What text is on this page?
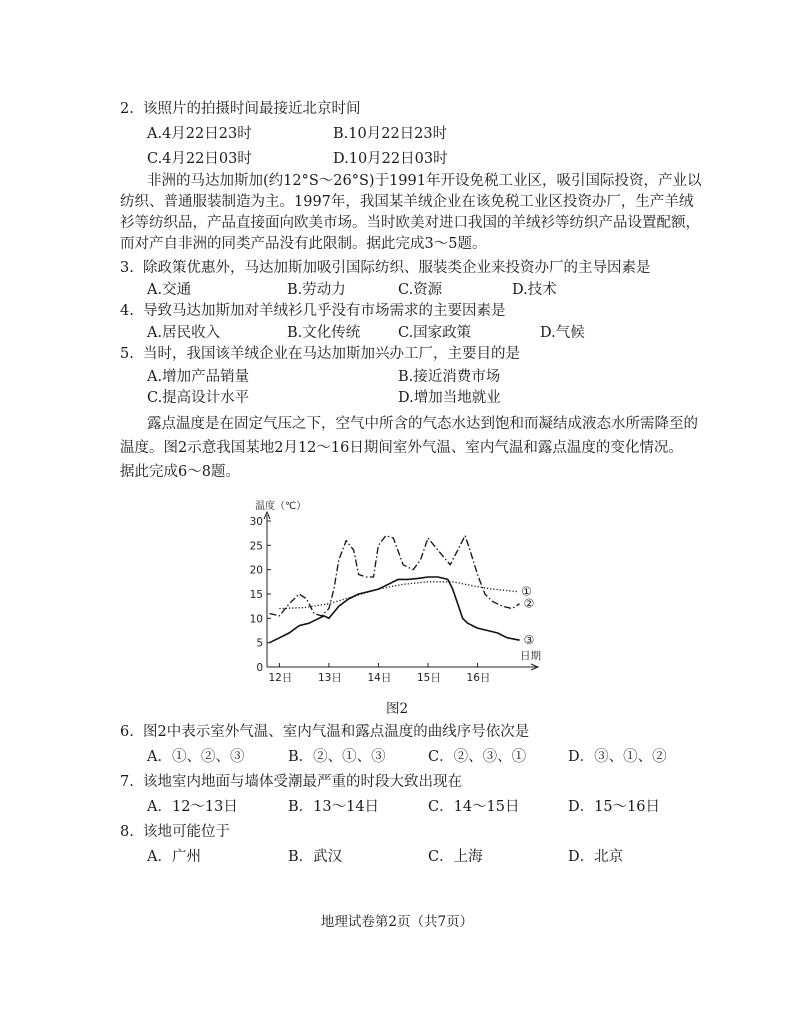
2.  该照片的拍摄时间最接近北京时间
A.4月22日23时	B.10月22日23时
C.4月22日03时	D.10月22日03时
非洲的马达加斯加(约12°S～26°S)于1991年开设免税工业区，吸引国际投资，产业以
纺织、普通服装制造为主。1997年，我国某羊绒企业在该免税工业区投资办厂，生产羊绒
衫等纺织品，产品直接面向欧美市场。当时欧美对进口我国的羊绒衫等纺织产品设置配额，
而对产自非洲的同类产品没有此限制。据此完成3～5题。
3.  除政策优惠外，马达加斯加吸引国际纺织、服装类企业来投资办厂的主导因素是
A.交通	B.劳动力	C.资源	D.技术
4.  导致马达加斯加对羊绒衫几乎没有市场需求的主要因素是
A.居民收入	B.文化传统	C.国家政策	D.气候
5.  当时，我国该羊绒企业在马达加斯加兴办工厂，主要目的是
A.增加产品销量	B.接近消费市场
C.提高设计水平	D.增加当地就业
露点温度是在固定气压之下，空气中所含的气态水达到饱和而凝结成液态水所需降至的
温度。图2示意我国某地2月12～16日期间室外气温、室内气温和露点温度的变化情况。
据此完成6～8题。
温度（℃）
0
5
10
15
20
25
30
12日 13日 14日 15日 16日
日期
①
②
③
图2
6.  图2中表示室外气温、室内气温和露点温度的曲线序号依次是
A．①、②、③	B．②、①、③	C．②、③、①	D．③、①、②
7.  该地室内地面与墙体受潮最严重的时段大致出现在
A．12～13日	B．13～14日	C．14～15日	D．15～16日
8.  该地可能位于
A．广州	B．武汉	C．上海	D．北京
地理试卷第2页（共7页）
